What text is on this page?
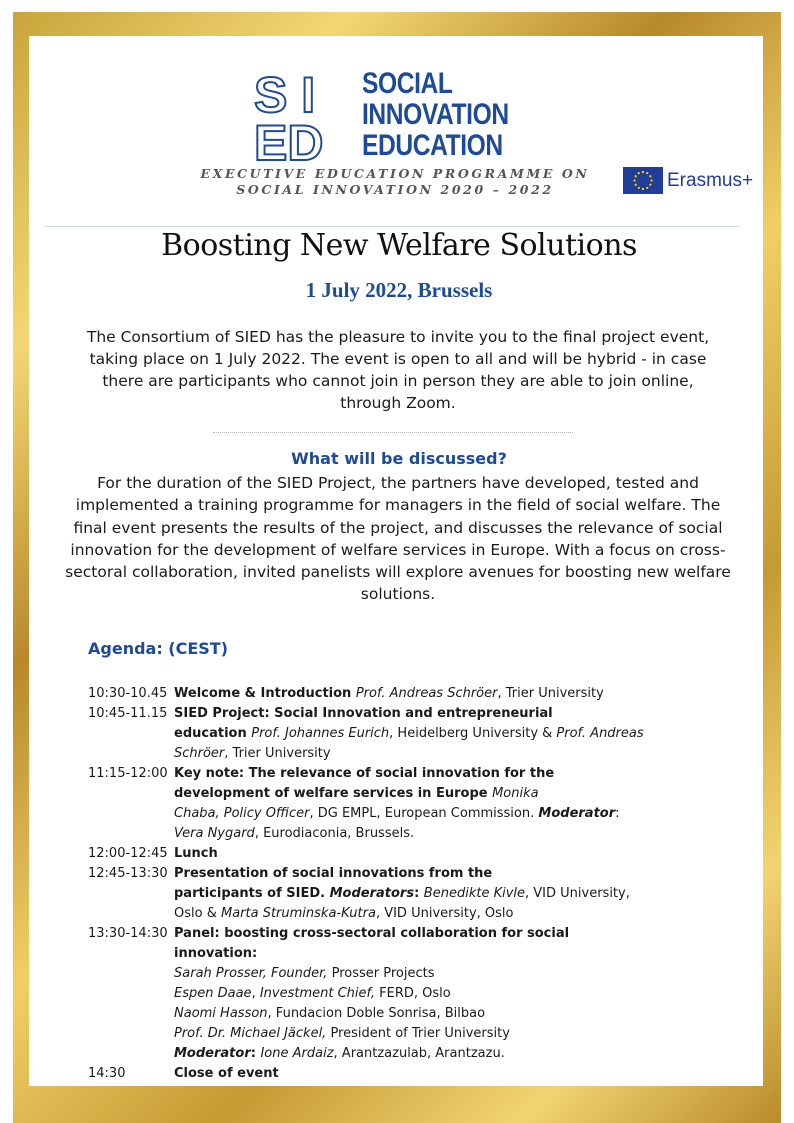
S I
ED
SOCIAL
INNOVATION
EDUCATION
EXECUTIVE EDUCATION PROGRAMME ON
SOCIAL INNOVATION 2020 – 2022	Erasmus+
Boosting New Welfare Solutions
1 July 2022, Brussels
The Consortium of SIED has the pleasure to invite you to the final project event, taking place on 1 July 2022. The event is open to all and will be hybrid - in case there are participants who cannot join in person they are able to join online, through Zoom.
What will be discussed?
For the duration of the SIED Project, the partners have developed, tested and implemented a training programme for managers in the field of social welfare. The final event presents the results of the project, and discusses the relevance of social innovation for the development of welfare services in Europe. With a focus on cross-sectoral collaboration, invited panelists will explore avenues for boosting new welfare solutions.
Agenda: (CEST)
10:30-10.45 Welcome & Introduction Prof. Andreas Schröer, Trier University
10:45-11.15 SIED Project: Social Innovation and entrepreneurial
education Prof. Johannes Eurich, Heidelberg University & Prof. Andreas
Schröer, Trier University
11:15-12:00 Key note: The relevance of social innovation for the
development of welfare services in Europe Monika
Chaba, Policy Officer, DG EMPL, European Commission. Moderator:
Vera Nygard, Eurodiaconia, Brussels.
12:00-12:45 Lunch
12:45-13:30 Presentation of social innovations from the
participants of SIED. Moderators: Benedikte Kivle, VID University,
Oslo & Marta Struminska-Kutra, VID University, Oslo
13:30-14:30 Panel: boosting cross-sectoral collaboration for social
innovation:
Sarah Prosser, Founder, Prosser Projects
Espen Daae, Investment Chief, FERD, Oslo
Naomi Hasson, Fundacion Doble Sonrisa, Bilbao
Prof. Dr. Michael Jäckel, President of Trier University
Moderator: Ione Ardaiz, Arantzazulab, Arantzazu.
14:30	Close of event
